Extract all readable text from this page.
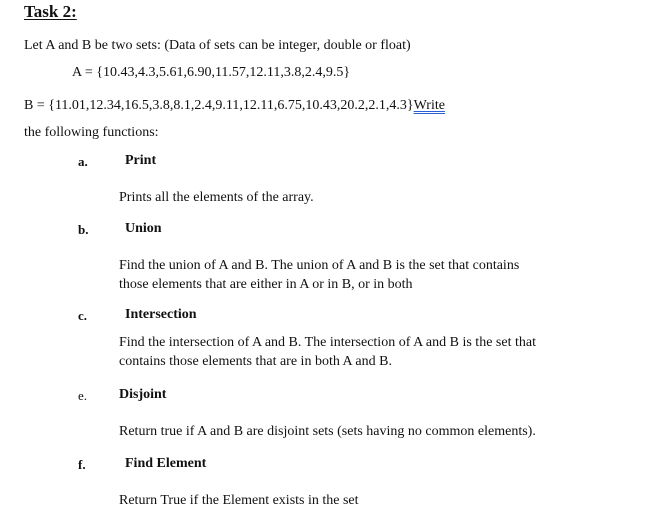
Task 2:
Let A and B be two sets: (Data of sets can be integer, double or float)
A = {10.43,4.3,5.61,6.90,11.57,12.11,3.8,2.4,9.5}
B = {11.01,12.34,16.5,3.8,8.1,2.4,9.11,12.11,6.75,10.43,20.2,2.1,4.3}Write
the following functions:
a.	Print
Prints all the elements of the array.
b.	Union
Find the union of A and B. The union of A and B is the set that contains
those elements that are either in A or in B, or in both
c.	Intersection
Find the intersection of A and B. The intersection of A and B is the set that
contains those elements that are in both A and B.
e. Disjoint
Return true if A and B are disjoint sets (sets having no common elements).
f.	Find Element
Return True if the Element exists in the set
